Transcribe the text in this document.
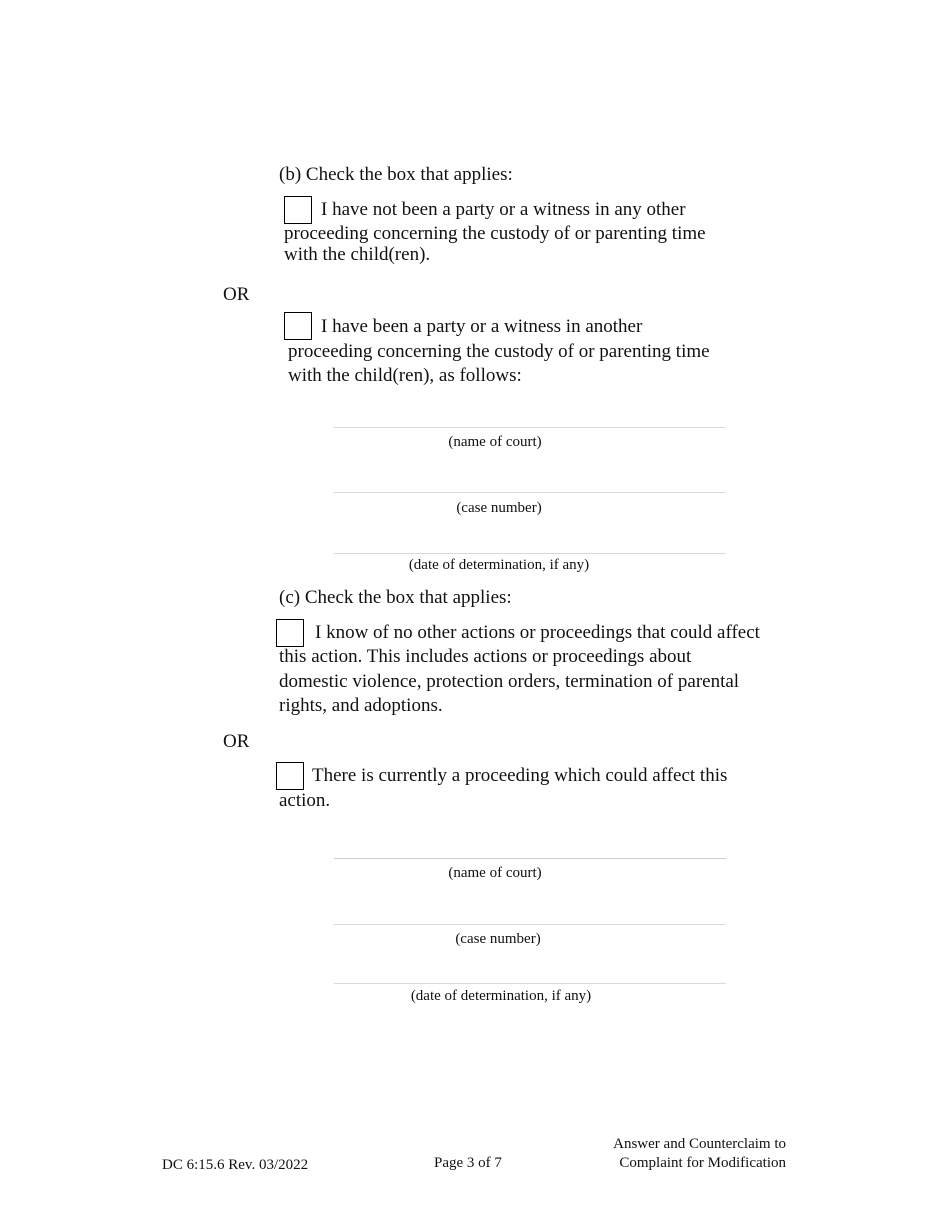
(b) Check the box that applies:
I have not been a party or a witness in any other
proceeding concerning the custody of or parenting time
with the child(ren).
OR
I have been a party or a witness in another
proceeding concerning the custody of or parenting time
with the child(ren), as follows:
(name of court)
(case number)
(date of determination, if any)
(c) Check the box that applies:
I know of no other actions or proceedings that could affect
this action. This includes actions or proceedings about
domestic violence, protection orders, termination of parental
rights, and adoptions.
OR
There is currently a proceeding which could affect this
action.
(name of court)
(case number)
(date of determination, if any)
DC 6:15.6 Rev. 03/2022	Page 3 of 7
Answer and Counterclaim to
Complaint for Modification
